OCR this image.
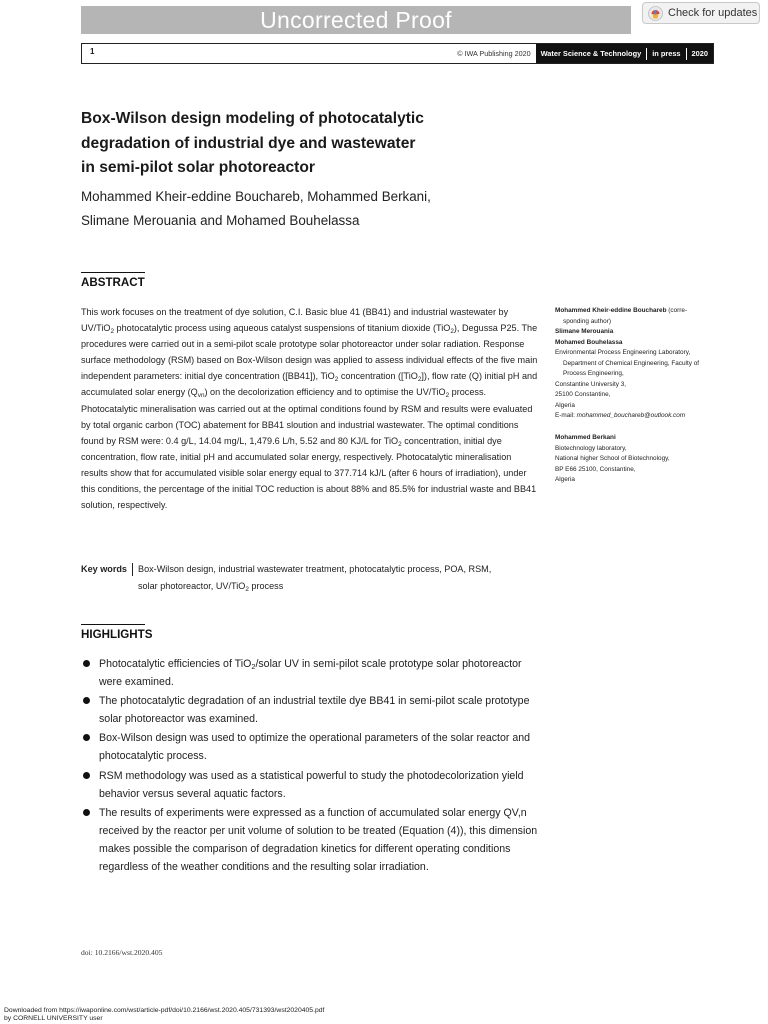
Uncorrected Proof	Check for updates
1	© IWA Publishing 2020	Water Science & Technology in press 2020
Box-Wilson design modeling of photocatalytic
degradation of industrial dye and wastewater
in semi-pilot solar photoreactor
Mohammed Kheir-eddine Bouchareb, Mohammed Berkani,
Slimane Merouania and Mohamed Bouhelassa
ABSTRACT
This work focuses on the treatment of dye solution, C.I. Basic blue 41 (BB41) and industrial wastewater by UV/TiO$_2$ photocatalytic process using aqueous catalyst suspensions of titanium dioxide (TiO$_2$), Degussa P25. The procedures were carried out in a semi-pilot scale prototype solar photoreactor under solar radiation. Response surface methodology (RSM) based on Box-Wilson design was applied to assess individual effects of the five main independent parameters: initial dye concentration ([BB41]), TiO$_2$ concentration ([TiO$_2$]), flow rate (Q) initial pH and accumulated solar energy $(Q_{vn})$ on the decolorization efficiency and to optimise the UV/TiO$_2$ process. Photocatalytic mineralisation was carried out at the optimal conditions found by RSM and results were evaluated by total organic carbon (TOC) abatement for BB41 sloution and industrial wastewater. The optimal conditions found by RSM were: 0.4 g/L, 14.04 mg/L, 1,479.6 L/h, 5.52 and 80 KJ/L for TiO$_2$ concentration, initial dye concentration, flow rate, initial pH and accumulated solar energy, respectively. Photocatalytic mineralisation results show that for accumulated visible solar energy equal to 377.714 kJ/L (after 6 hours of irradiation), under this conditions, the percentage of the initial TOC reduction is about 88% and 85.5% for industrial waste and BB41 solution, respectively.
Key words	Box-Wilson design, industrial wastewater treatment, photocatalytic process, POA, RSM,
solar photoreactor, UV/TiO$_2$ process
Mohammed Kheir-eddine Bouchareb (corre-
sponding author)
Slimane Merouania
Mohamed Bouhelassa
Environmental Process Engineering Laboratory,
Department of Chemical Engineering, Faculty of
Process Engineering,
Constantine University 3,
25100 Constantine,
Algeria
E-mail: mohammed_bouchareb@outlook.com
Mohammed Berkani
Biotechnology laboratory,
National higher School of Biotechnology,
BP E66 25100, Constantine,
Algeria
HIGHLIGHTS
Photocatalytic efficiencies of TiO$_2$/solar UV in semi-pilot scale prototype solar photoreactor were examined.
The photocatalytic degradation of an industrial textile dye BB41 in semi-pilot scale prototype solar photoreactor was examined.
Box-Wilson design was used to optimize the operational parameters of the solar reactor and photocatalytic process.
RSM methodology was used as a statistical powerful to study the photodecolorization yield behavior versus several aquatic factors.
The results of experiments were expressed as a function of accumulated solar energy QV,n received by the reactor per unit volume of solution to be treated (Equation (4)), this dimension makes possible the comparison of degradation kinetics for different operating conditions regardless of the weather conditions and the resulting solar irradiation.
doi: 10.2166/wst.2020.405
Downloaded from https://iwaponline.com/wst/article-pdf/doi/10.2166/wst.2020.405/731393/wst2020405.pdf
by CORNELL UNIVERSITY user
